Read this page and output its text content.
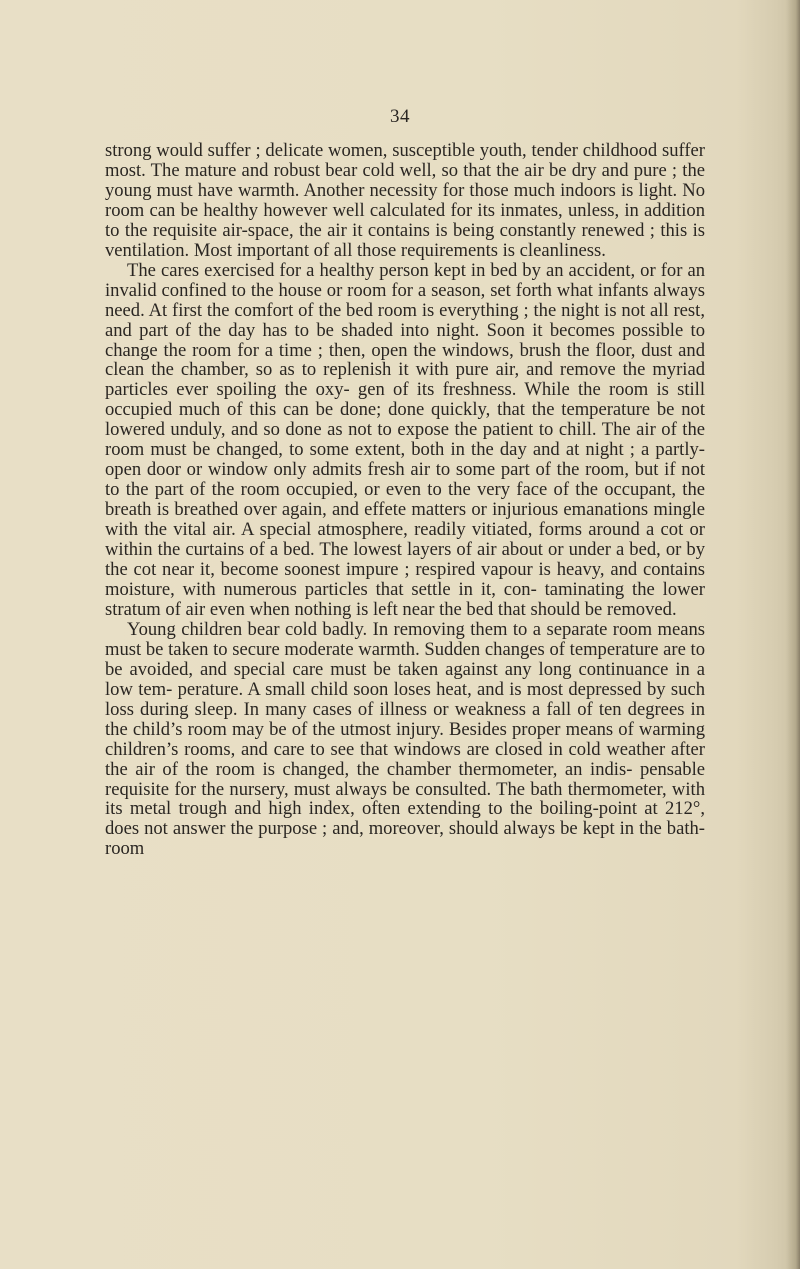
34

strong would suffer ; delicate women, susceptible youth, tender childhood suffer most. The mature and robust bear cold well, so that the air be dry and pure ; the young must have warmth. Another necessity for those much indoors is light. No room can be healthy however well calculated for its inmates, unless, in addition to the requisite air-space, the air it contains is being constantly renewed ; this is ventilation. Most important of all those requirements is cleanliness.

The cares exercised for a healthy person kept in bed by an accident, or for an invalid confined to the house or room for a season, set forth what infants always need. At first the comfort of the bed room is everything ; the night is not all rest, and part of the day has to be shaded into night. Soon it becomes possible to change the room for a time ; then, open the windows, brush the floor, dust and clean the chamber, so as to replenish it with pure air, and remove the myriad particles ever spoiling the oxy- gen of its freshness. While the room is still occupied much of this can be done; done quickly, that the temperature be not lowered unduly, and so done as not to expose the patient to chill. The air of the room must be changed, to some extent, both in the day and at night ; a partly-open door or window only admits fresh air to some part of the room, but if not to the part of the room occupied, or even to the very face of the occupant, the breath is breathed over again, and effete matters or injurious emanations mingle with the vital air. A special atmosphere, readily vitiated, forms around a cot or within the curtains of a bed. The lowest layers of air about or under a bed, or by the cot near it, become soonest impure ; respired vapour is heavy, and contains moisture, with numerous particles that settle in it, con- taminating the lower stratum of air even when nothing is left near the bed that should be removed.

Young children bear cold badly. In removing them to a separate room means must be taken to secure moderate warmth. Sudden changes of temperature are to be avoided, and special care must be taken against any long continuance in a low tem- perature. A small child soon loses heat, and is most depressed by such loss during sleep. In many cases of illness or weakness a fall of ten degrees in the child’s room may be of the utmost injury. Besides proper means of warming children’s rooms, and care to see that windows are closed in cold weather after the air of the room is changed, the chamber thermometer, an indis- pensable requisite for the nursery, must always be consulted. The bath thermometer, with its metal trough and high index, often extending to the boiling-point at 212°, does not answer the purpose ; and, moreover, should always be kept in the bath-room
